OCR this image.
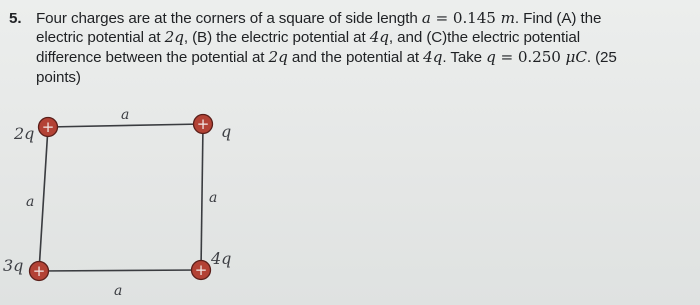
5. Four charges are at the corners of a square of side length a = 0.145 m. Find (A) the
electric potential at 2q, (B) the electric potential at 4q, and (C)the electric potential
difference between the potential at 2q and the potential at 4q. Take q = 0.250 μC. (25
points)
+	+
+	+
2q	q
3q	4q
a
a	a
a
